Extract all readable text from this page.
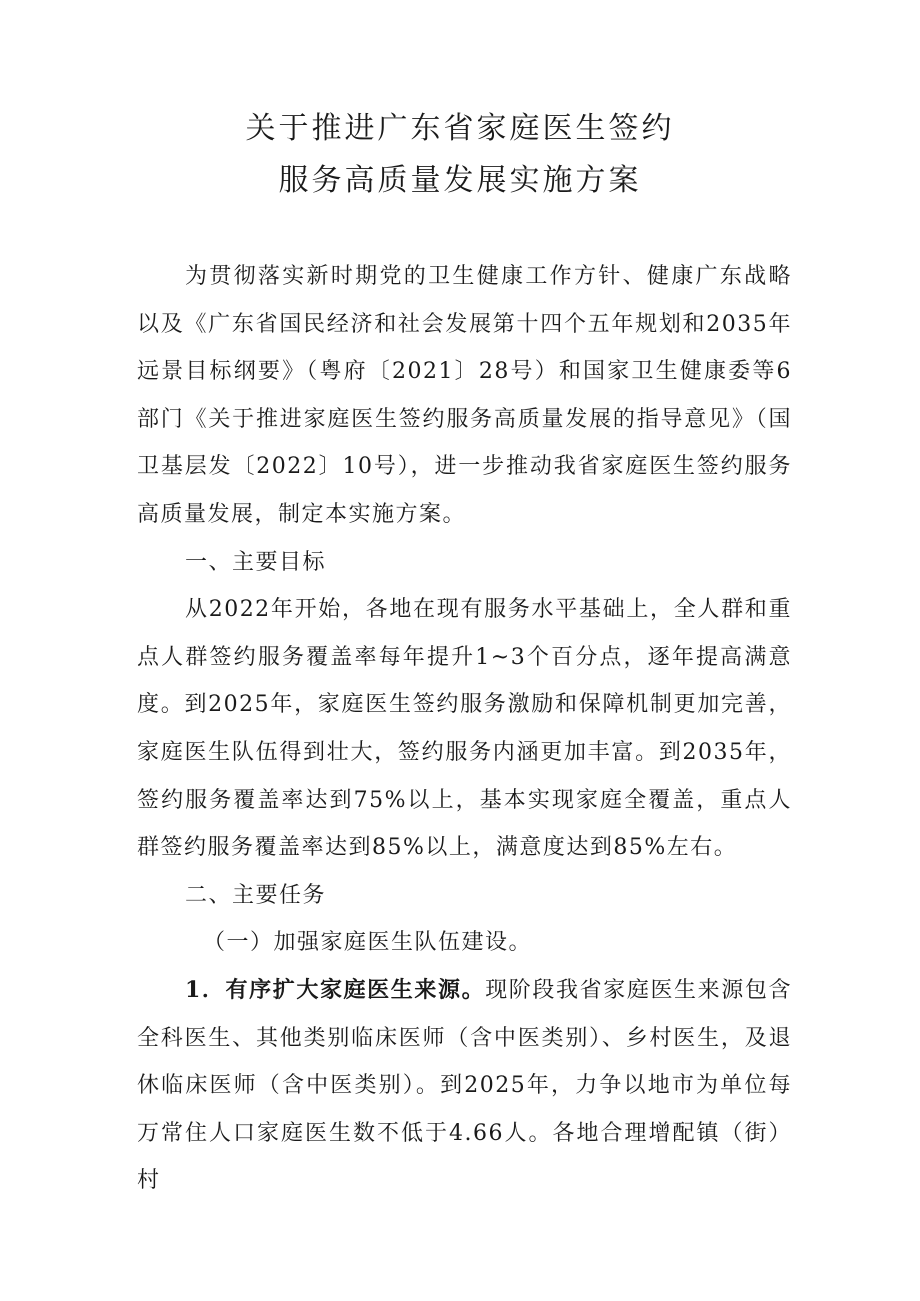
关于推进广东省家庭医生签约
服务高质量发展实施方案

为贯彻落实新时期党的卫生健康工作方针、健康广东战略以及《广东省国民经济和社会发展第十四个五年规划和2035年远景目标纲要》（粤府〔2021〕28号）和国家卫生健康委等6部门《关于推进家庭医生签约服务高质量发展的指导意见》（国卫基层发〔2022〕10号），进一步推动我省家庭医生签约服务高质量发展，制定本实施方案。

一、主要目标

从2022年开始，各地在现有服务水平基础上，全人群和重点人群签约服务覆盖率每年提升1~3个百分点，逐年提高满意度。到2025年，家庭医生签约服务激励和保障机制更加完善，家庭医生队伍得到壮大，签约服务内涵更加丰富。到2035年，签约服务覆盖率达到75%以上，基本实现家庭全覆盖，重点人群签约服务覆盖率达到85%以上，满意度达到85%左右。

二、主要任务

（一）加强家庭医生队伍建设。

1．有序扩大家庭医生来源。现阶段我省家庭医生来源包含全科医生、其他类别临床医师（含中医类别）、乡村医生，及退休临床医师（含中医类别）。到2025年，力争以地市为单位每万常住人口家庭医生数不低于4.66人。各地合理增配镇（街）村
